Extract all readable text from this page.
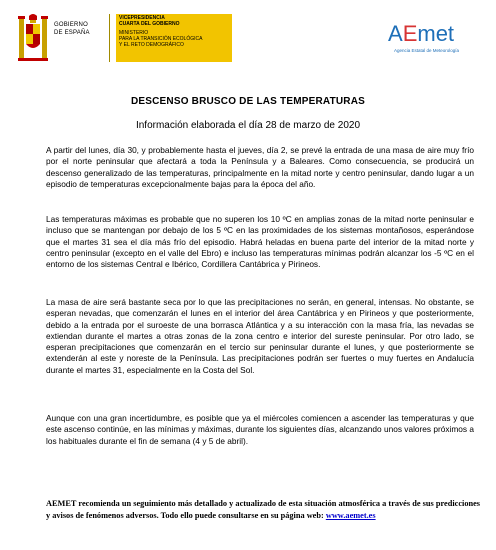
GOBIERNO
DE ESPAÑA
VICEPRESIDENCIA
CUARTA DEL GOBIERNO
MINISTERIO
PARA LA TRANSICIÓN ECOLÓGICA
Y EL RETO DEMOGRÁFICO	AEmet
Agencia Estatal de Meteorología
DESCENSO BRUSCO DE LAS TEMPERATURAS
Información elaborada el día 28 de marzo de 2020
A partir del lunes, día 30, y probablemente hasta el jueves, día 2, se prevé la entrada de una masa de aire muy frío por el norte peninsular que afectará a toda la Península y a Baleares. Como consecuencia, se producirá un descenso generalizado de las temperaturas, principalmente en la mitad norte y centro peninsular, dando lugar a un episodio de temperaturas excepcionalmente bajas para la época del año.
Las temperaturas máximas es probable que no superen los 10 ºC en amplias zonas de la mitad norte peninsular e incluso que se mantengan por debajo de los 5 ºC en las proximidades de los sistemas montañosos, esperándose que el martes 31 sea el día más frío del episodio. Habrá heladas en buena parte del interior de la mitad norte y centro peninsular (excepto en el valle del Ebro) e incluso las temperaturas mínimas podrán alcanzar los -5 ºC en el entorno de los sistemas Central e Ibérico, Cordillera Cantábrica y Pirineos.
La masa de aire será bastante seca por lo que las precipitaciones no serán, en general, intensas. No obstante, se esperan nevadas, que comenzarán el lunes en el interior del área Cantábrica y en Pirineos y que posteriormente, debido a la entrada por el suroeste de una borrasca Atlántica y a su interacción con la masa fría, las nevadas se extiendan durante el martes a otras zonas de la zona centro e interior del sureste peninsular. Por otro lado, se esperan precipitaciones que comenzarán en el tercio sur peninsular durante el lunes, y que posteriormente se extenderán al este y noreste de la Península. Las precipitaciones podrán ser fuertes o muy fuertes en Andalucía durante el martes 31, especialmente en la Costa del Sol.
Aunque con una gran incertidumbre, es posible que ya el miércoles comiencen a ascender las temperaturas y que este ascenso continúe, en las mínimas y máximas, durante los siguientes días, alcanzando unos valores próximos a los habituales durante el fin de semana (4 y 5 de abril).
AEMET recomienda un seguimiento más detallado y actualizado de esta situación atmosférica a través de sus predicciones y avisos de fenómenos adversos. Todo ello puede consultarse en su página web: www.aemet.es
